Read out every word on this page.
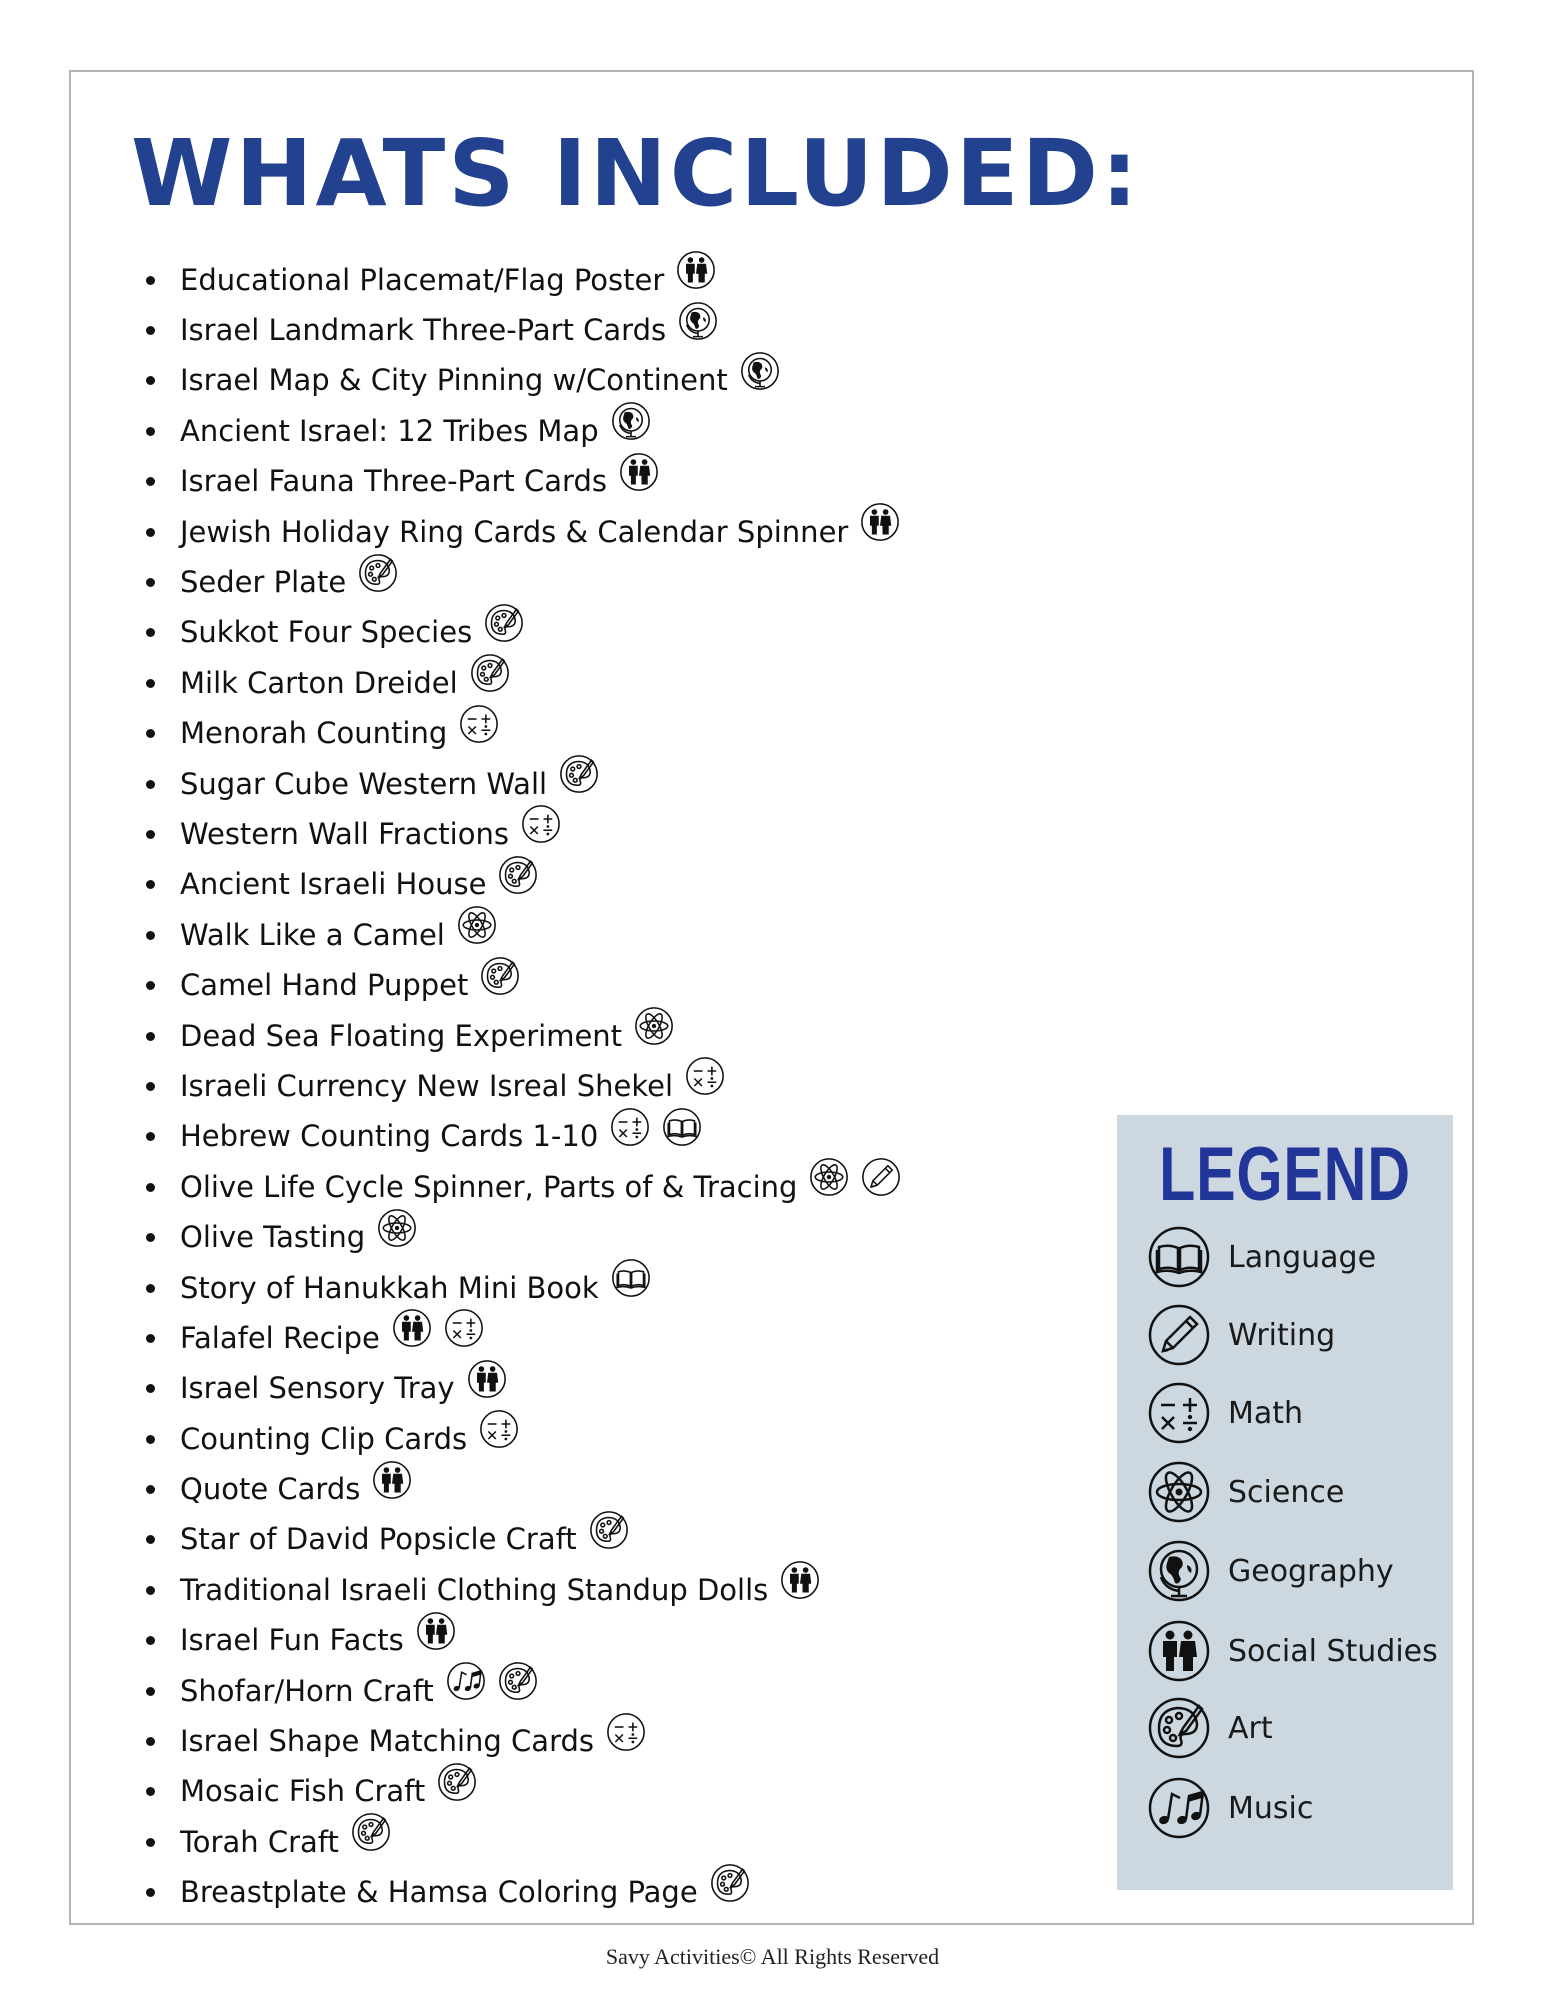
WHATS INCLUDED:
Educational Placemat/Flag Poster
Israel Landmark Three-Part Cards
Israel Map & City Pinning w/Continent
Ancient Israel: 12 Tribes Map
Israel Fauna Three-Part Cards
Jewish Holiday Ring Cards & Calendar Spinner
Seder Plate
Sukkot Four Species
Milk Carton Dreidel
Menorah Counting
Sugar Cube Western Wall
Western Wall Fractions
Ancient Israeli House
Walk Like a Camel
Camel Hand Puppet
Dead Sea Floating Experiment
Israeli Currency New Isreal Shekel
Hebrew Counting Cards 1-10
Olive Life Cycle Spinner, Parts of & Tracing
Olive Tasting
Story of Hanukkah Mini Book
Falafel Recipe
Israel Sensory Tray
Counting Clip Cards
Quote Cards
Star of David Popsicle Craft
Traditional Israeli Clothing Standup Dolls
Israel Fun Facts
Shofar/Horn Craft
Israel Shape Matching Cards
Mosaic Fish Craft
Torah Craft
Breastplate & Hamsa Coloring Page
LEGEND
Language
Writing
Math
Science
Geography
Social Studies
Art
Music
Savy Activities© All Rights Reserved
